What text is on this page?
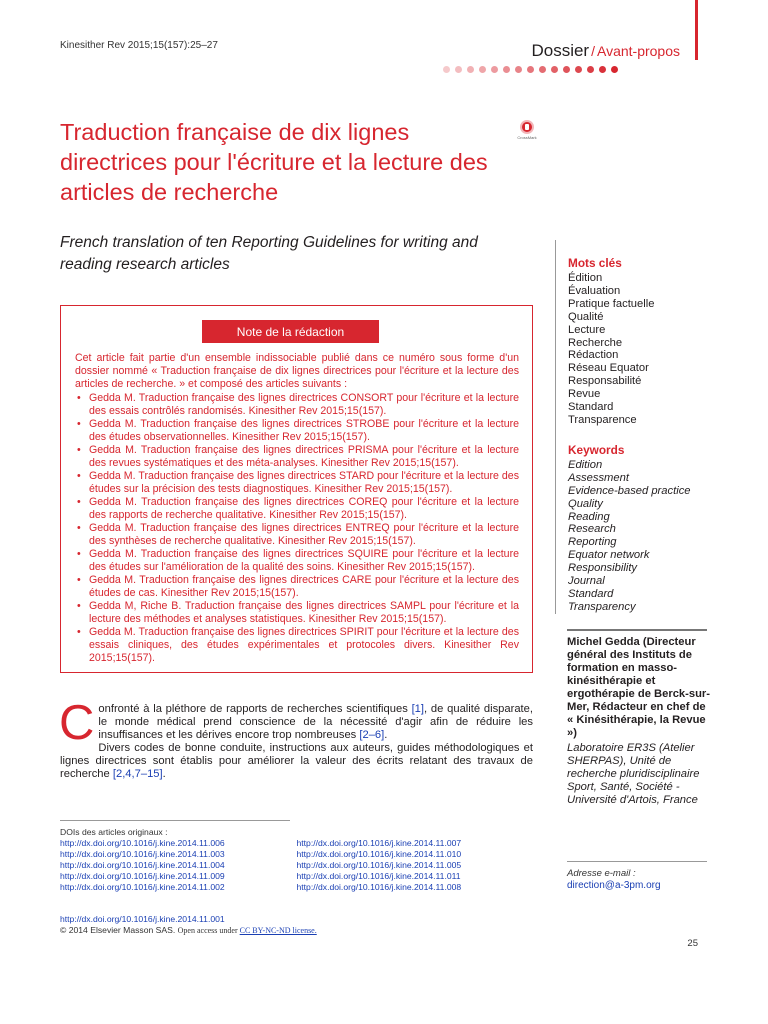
Kinesither Rev 2015;15(157):25–27	Dossier / Avant-propos
Traduction française de dix lignes directrices pour l'écriture et la lecture des articles de recherche
CrossMark
French translation of ten Reporting Guidelines for writing and reading research articles
Note de la rédaction

Cet article fait partie d'un ensemble indissociable publié dans ce numéro sous forme d'un dossier nommé « Traduction française de dix lignes directrices pour l'écriture et la lecture des articles de recherche. » et composé des articles suivants :

• Gedda M. Traduction française des lignes directrices CONSORT pour l'écriture et la lecture des essais contrôlés randomisés. Kinesither Rev 2015;15(157).
• Gedda M. Traduction française des lignes directrices STROBE pour l'écriture et la lecture des études observationnelles. Kinesither Rev 2015;15(157).
• Gedda M. Traduction française des lignes directrices PRISMA pour l'écriture et la lecture des revues systématiques et des méta-analyses. Kinesither Rev 2015;15(157).
• Gedda M. Traduction française des lignes directrices STARD pour l'écriture et la lecture des études sur la précision des tests diagnostiques. Kinesither Rev 2015;15(157).
• Gedda M. Traduction française des lignes directrices COREQ pour l'écriture et la lecture des rapports de recherche qualitative. Kinesither Rev 2015;15(157).
• Gedda M. Traduction française des lignes directrices ENTREQ pour l'écriture et la lecture des synthèses de recherche qualitative. Kinesither Rev 2015;15(157).
• Gedda M. Traduction française des lignes directrices SQUIRE pour l'écriture et la lecture des études sur l'amélioration de la qualité des soins. Kinesither Rev 2015;15(157).
• Gedda M. Traduction française des lignes directrices CARE pour l'écriture et la lecture des études de cas. Kinesither Rev 2015;15(157).
• Gedda M, Riche B. Traduction française des lignes directrices SAMPL pour l'écriture et la lecture des méthodes et analyses statistiques. Kinesither Rev 2015;15(157).
• Gedda M. Traduction française des lignes directrices SPIRIT pour l'écriture et la lecture des essais cliniques, des études expérimentales et protocoles divers. Kinesither Rev 2015;15(157).

Confronté à la pléthore de rapports de recherches scientifiques [1], de qualité disparate, le monde médical prend conscience de la nécessité d'agir afin de réduire les insuffisances et les dérives encore trop nombreuses [2–6].

Divers codes de bonne conduite, instructions aux auteurs, guides méthodologiques et lignes directrices sont établis pour améliorer la valeur des écrits relatant des travaux de recherche [2,4,7–15].

DOIs des articles originaux :
http://dx.doi.org/10.1016/j.kine.2014.11.006
http://dx.doi.org/10.1016/j.kine.2014.11.003
http://dx.doi.org/10.1016/j.kine.2014.11.004
http://dx.doi.org/10.1016/j.kine.2014.11.009
http://dx.doi.org/10.1016/j.kine.2014.11.002
http://dx.doi.org/10.1016/j.kine.2014.11.007
http://dx.doi.org/10.1016/j.kine.2014.11.010
http://dx.doi.org/10.1016/j.kine.2014.11.005
http://dx.doi.org/10.1016/j.kine.2014.11.011
http://dx.doi.org/10.1016/j.kine.2014.11.008
http://dx.doi.org/10.1016/j.kine.2014.11.001
© 2014 Elsevier Masson SAS. Open access under CC BY-NC-ND license.
25
Mots clés
Édition
Évaluation
Pratique factuelle
Qualité
Lecture
Recherche
Rédaction
Réseau Equator
Responsabilité
Revue
Standard
Transparence
Keywords
Edition
Assessment
Evidence-based practice
Quality
Reading
Research
Reporting
Equator network
Responsibility
Journal
Standard
Transparency
Michel Gedda (Directeur général des Instituts de formation en masso-kinésithérapie et ergothérapie de Berck-sur-Mer, Rédacteur en chef de « Kinésithérapie, la Revue »)
Laboratoire ER3S (Atelier SHERPAS), Unité de recherche pluridisciplinaire Sport, Santé, Société - Université d'Artois, France
Adresse e-mail :
direction@a-3pm.org
